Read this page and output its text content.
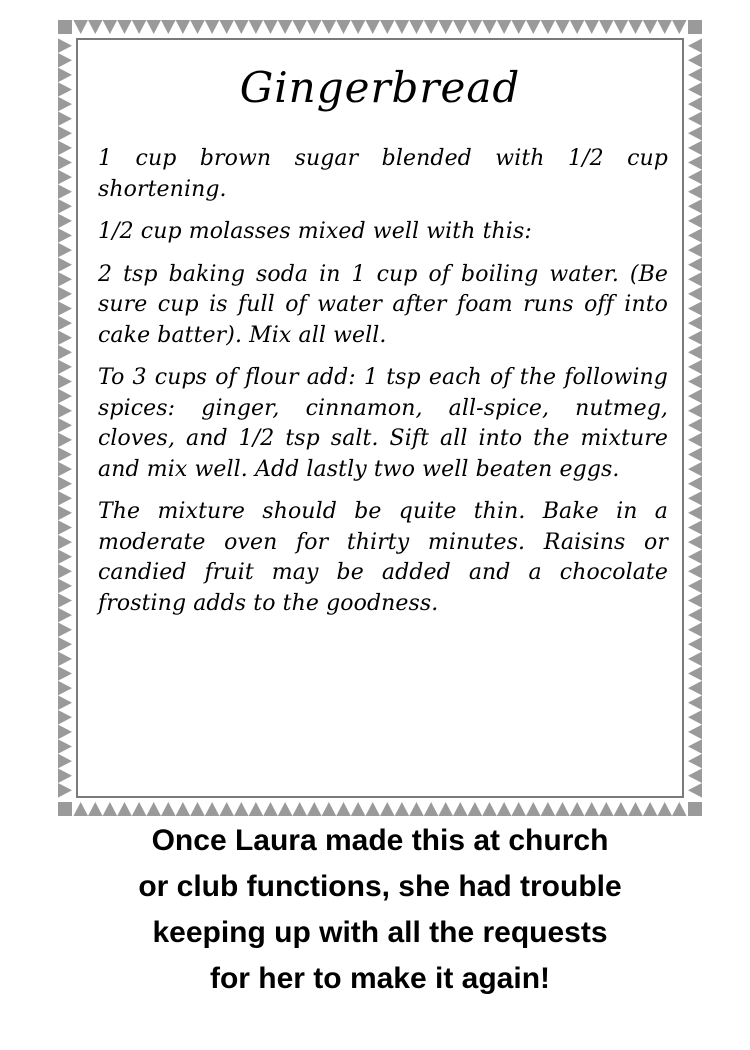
Gingerbread

1 cup brown sugar blended with 1/2 cup shortening.

1/2 cup molasses mixed well with this:

2 tsp baking soda in 1 cup of boiling water. (Be sure cup is full of water after foam runs off into cake batter). Mix all well.

To 3 cups of flour add: 1 tsp each of the following spices: ginger, cinnamon, all-spice, nutmeg, cloves, and 1/2 tsp salt. Sift all into the mixture and mix well. Add lastly two well beaten eggs.

The mixture should be quite thin. Bake in a moderate oven for thirty minutes. Raisins or candied fruit may be added and a chocolate frosting adds to the goodness.

Once Laura made this at church
or club functions, she had trouble
keeping up with all the requests
for her to make it again!
